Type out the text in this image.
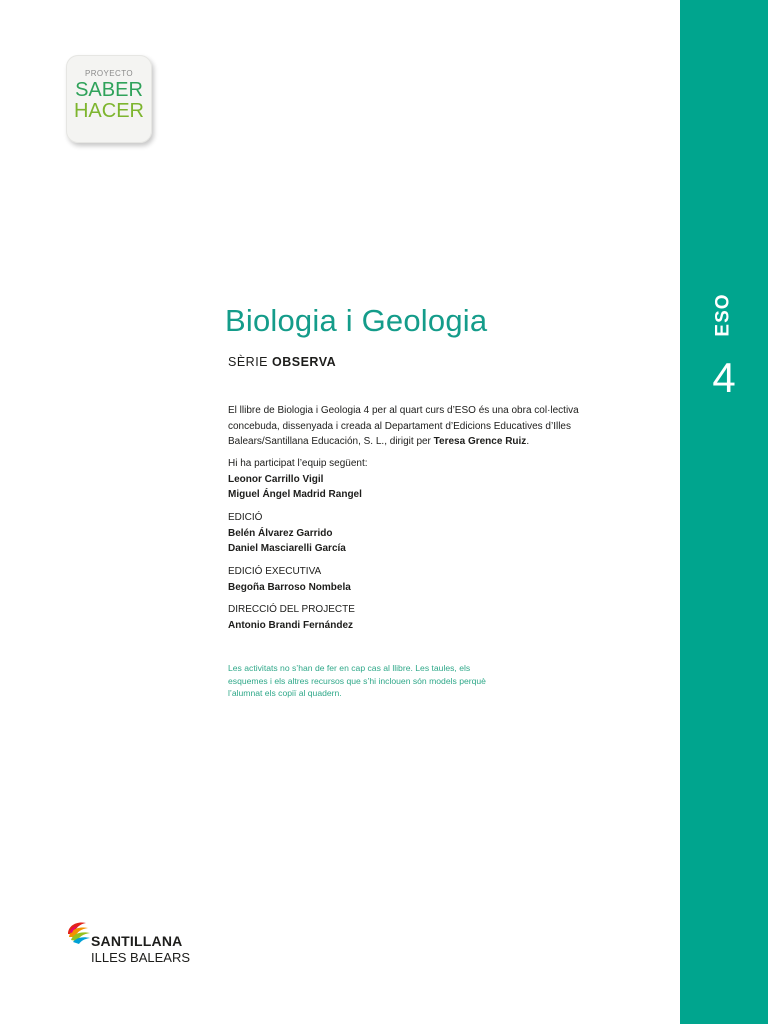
ESO
4
PROYECTO
SABER
HACER
Biologia i Geologia
SÈRIE OBSERVA
El llibre de Biologia i Geologia 4 per al quart curs d’ESO és una obra col·lectiva concebuda, dissenyada i creada al Departament d’Edicions Educatives d’Illes Balears/Santillana Educación, S. L., dirigit per Teresa Grence Ruiz.
Hi ha participat l’equip següent:
Leonor Carrillo Vigil
Miguel Ángel Madrid Rangel
EDICIÓ
Belén Álvarez Garrido
Daniel Masciarelli García
EDICIÓ EXECUTIVA
Begoña Barroso Nombela
DIRECCIÓ DEL PROJECTE
Antonio Brandi Fernández
Les activitats no s’han de fer en cap cas al llibre. Les taules, els esquemes i els altres recursos que s’hi inclouen són models perquè l’alumnat els copiï al quadern.
SANTILLANA
ILLES BALEARS
